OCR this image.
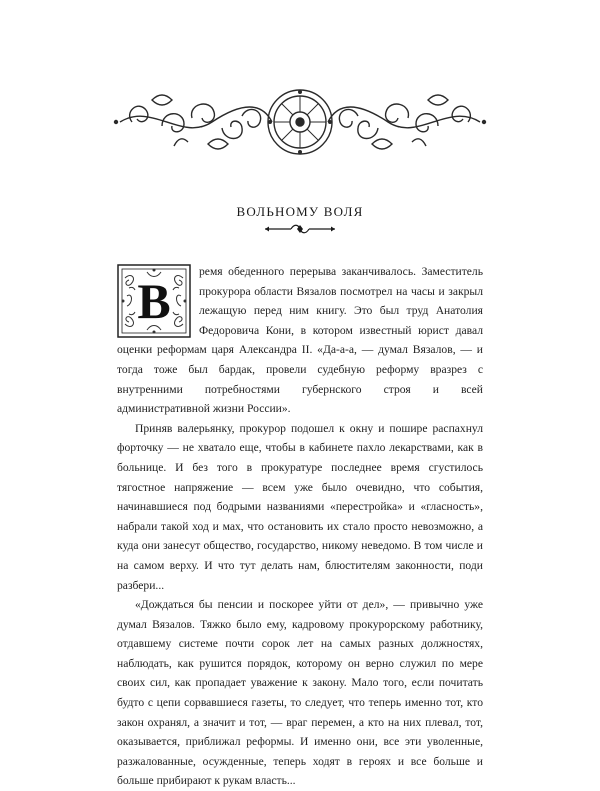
ВОЛЬНОМУ ВОЛЯ

В
ремя обеденного перерыва заканчивалось. Заместитель прокурора области Вязалов посмотрел на часы и закрыл лежащую перед ним книгу. Это был труд Анатолия Федоровича Кони, в котором известный юрист давал оценки реформам царя Александра II. «Да-а-а, — думал Вязалов, — и тогда тоже был бардак, провели судебную реформу вразрез с внутренними потребностями губернского строя и всей административной жизни России».

Приняв валерьянку, прокурор подошел к окну и пошире распахнул форточку — не хватало еще, чтобы в кабинете пахло лекарствами, как в больнице. И без того в прокуратуре последнее время сгустилось тягостное напряжение — всем уже было очевидно, что события, начинавшиеся под бодрыми названиями «перестройка» и «гласность», набрали такой ход и мах, что остановить их стало просто невозможно, а куда они занесут общество, государство, никому неведомо. В том числе и на самом верху. И что тут делать нам, блюстителям законности, поди разбери...

«Дождаться бы пенсии и поскорее уйти от дел», — привычно уже думал Вязалов. Тяжко было ему, кадровому прокурорскому работнику, отдавшему системе почти сорок лет на самых разных должностях, наблюдать, как рушится порядок, которому он верно служил по мере своих сил, как пропадает уважение к закону. Мало того, если почитать будто с цепи сорвавшиеся газеты, то следует, что теперь именно тот, кто закон охранял, а значит и тот, — враг перемен, а кто на них плевал, тот, оказывается, приближал реформы. И именно они, все эти уволенные, разжалованные, осужденные, теперь ходят в героях и все больше и больше прибирают к рукам власть...
